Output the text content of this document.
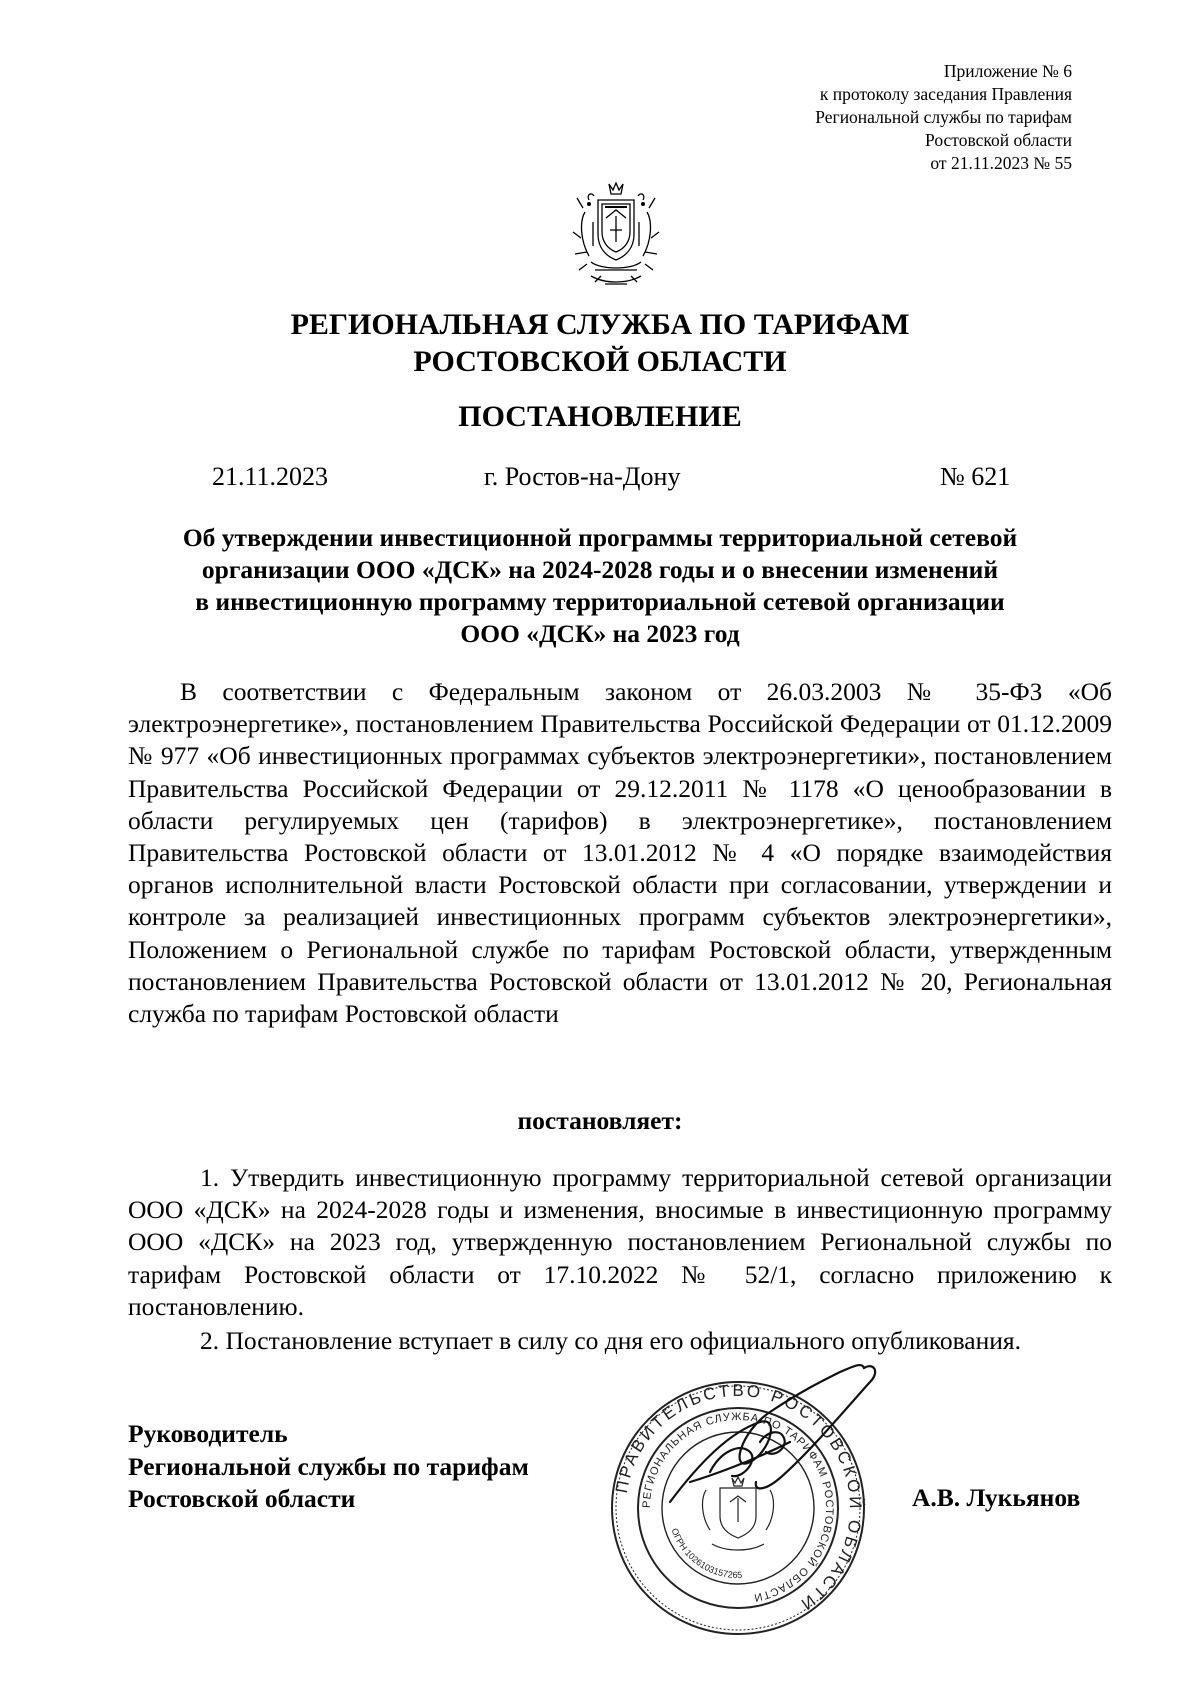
Приложение № 6
к протоколу заседания Правления
Региональной службы по тарифам
Ростовской области
от 21.11.2023 № 55
РЕГИОНАЛЬНАЯ СЛУЖБА ПО ТАРИФАМ
РОСТОВСКОЙ ОБЛАСТИ
ПОСТАНОВЛЕНИЕ
21.11.2023	г. Ростов-на-Дону	№ 621
Об утверждении инвестиционной программы территориальной сетевой
организации ООО «ДСК» на 2024-2028 годы и о внесении изменений
в инвестиционную программу территориальной сетевой организации
ООО «ДСК» на 2023 год

В соответствии с Федеральным законом от 26.03.2003 № 35-ФЗ «Об электроэнергетике», постановлением Правительства Российской Федерации от 01.12.2009 № 977 «Об инвестиционных программах субъектов электроэнергетики», постановлением Правительства Российской Федерации от 29.12.2011 № 1178 «О ценообразовании в области регулируемых цен (тарифов) в электроэнергетике», постановлением Правительства Ростовской области от 13.01.2012 № 4 «О порядке взаимодействия органов исполнительной власти Ростовской области при согласовании, утверждении и контроле за реализацией инвестиционных программ субъектов электроэнергетики», Положением о Региональной службе по тарифам Ростовской области, утвержденным постановлением Правительства Ростовской области от 13.01.2012 № 20, Региональная служба по тарифам Ростовской области

постановляет:

1. Утвердить инвестиционную программу территориальной сетевой организации ООО «ДСК» на 2024-2028 годы и изменения, вносимые в инвестиционную программу ООО «ДСК» на 2023 год, утвержденную постановлением Региональной службы по тарифам Ростовской области от 17.10.2022 № 52/1, согласно приложению к постановлению.

2. Постановление вступает в силу со дня его официального опубликования.

Руководитель
Региональной службы по тарифам
Ростовской области	ПРАВИТЕЛЬСТВО РОСТОВСКОЙ ОБЛАСТИ
РЕГИОНАЛЬНАЯ СЛУЖБА ПО ТАРИФАМ РОСТОВСКОЙ ОБЛАСТИ
ОГРН 1026103157265
А.В. Лукьянов
